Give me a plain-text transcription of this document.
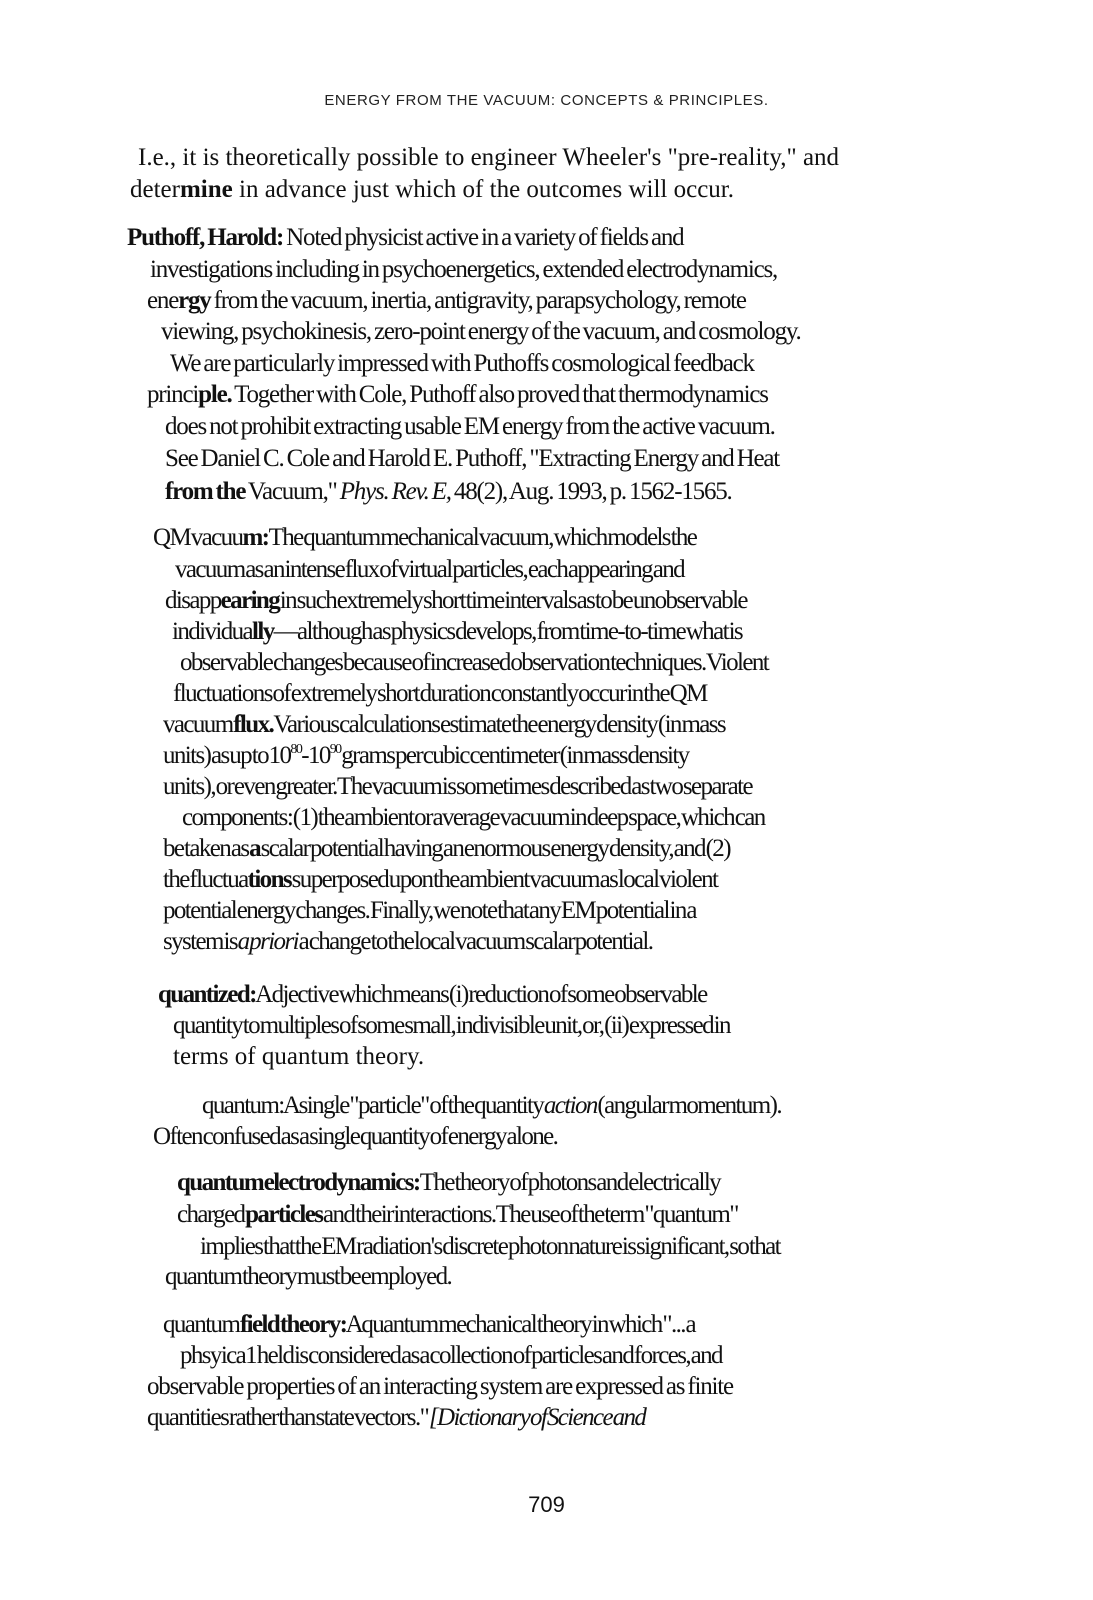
ENERGY FROM THE VACUUM: CONCEPTS & PRINCIPLES.
I.e., it is theoretically possible to engineer Wheeler's "pre-reality," and
determine in advance just which of the outcomes will occur.
Puthoff, Harold: Noted physicist active in a variety of fields and
investigations including in psychoenergetics, extended electrodynamics,
energy from the vacuum, inertia, antigravity, parapsychology, remote
viewing, psychokinesis, zero-point energy of the vacuum, and cosmology.
We are particularly impressed with Puthoffs cosmological feedback
principle. Together with Cole, Puthoff also proved that thermodynamics
does not prohibit extracting usable EM energy from the active vacuum.
See Daniel C. Cole and Harold E. Puthoff, "Extracting Energy and Heat
from the Vacuum," Phys. Rev. E, 48(2), Aug. 1993, p. 1562-1565.
QM vacuum: The quantum mechanical vacuum, which models the
vacuum as an intense flux of virtual particles, each appearing and
disappearing in such extremely short time intervals as to be unobservable
individually—although as physics develops, from time-to-time what is
observable changes because of increased observation techniques. Violent
fluctuations of extremely short duration constantly occur in the QM
vacuum flux. Various calculations estimate the energy density (in mass
units) as up to $10^{80}-10^{90}$ grams per cubic centimeter (in mass density
units), or even greater. The vacuum is sometimes described as two separate
components: (1) the ambient or average vacuum in deep space, which can
be taken as a scalar potential having an enormous energy density, and (2)
the fluctuations superposed upon the ambient vacuum as local violent
potential energy changes. Finally, we note that any EM potential in a
system is a priori a change to the local vacuum scalar potential.
quantized: Adjective which means (i) reduction of some observable
quantity to multiples of some small, indivisible unit, or, (ii) expressed in
terms of quantum theory.
quantum: A single "particle" of the quantity action (angular momentum).
Often confused as a single quantity of energy alone.
quantum electrodynamics: The theory of photons and electrically
charged particles and their interactions. The use of the term "quantum"
implies that the EM radiation's discrete photon nature is significant, so that
quantum theory must be employed.
quantum field theory: A quantum mechanical theory in which "... a
phsyica1 held is considered as a collection of particles and forces, and
observable properties of an interacting system are expressed as finite
quantities rather than state vectors." [Dictionary of Science and
709
